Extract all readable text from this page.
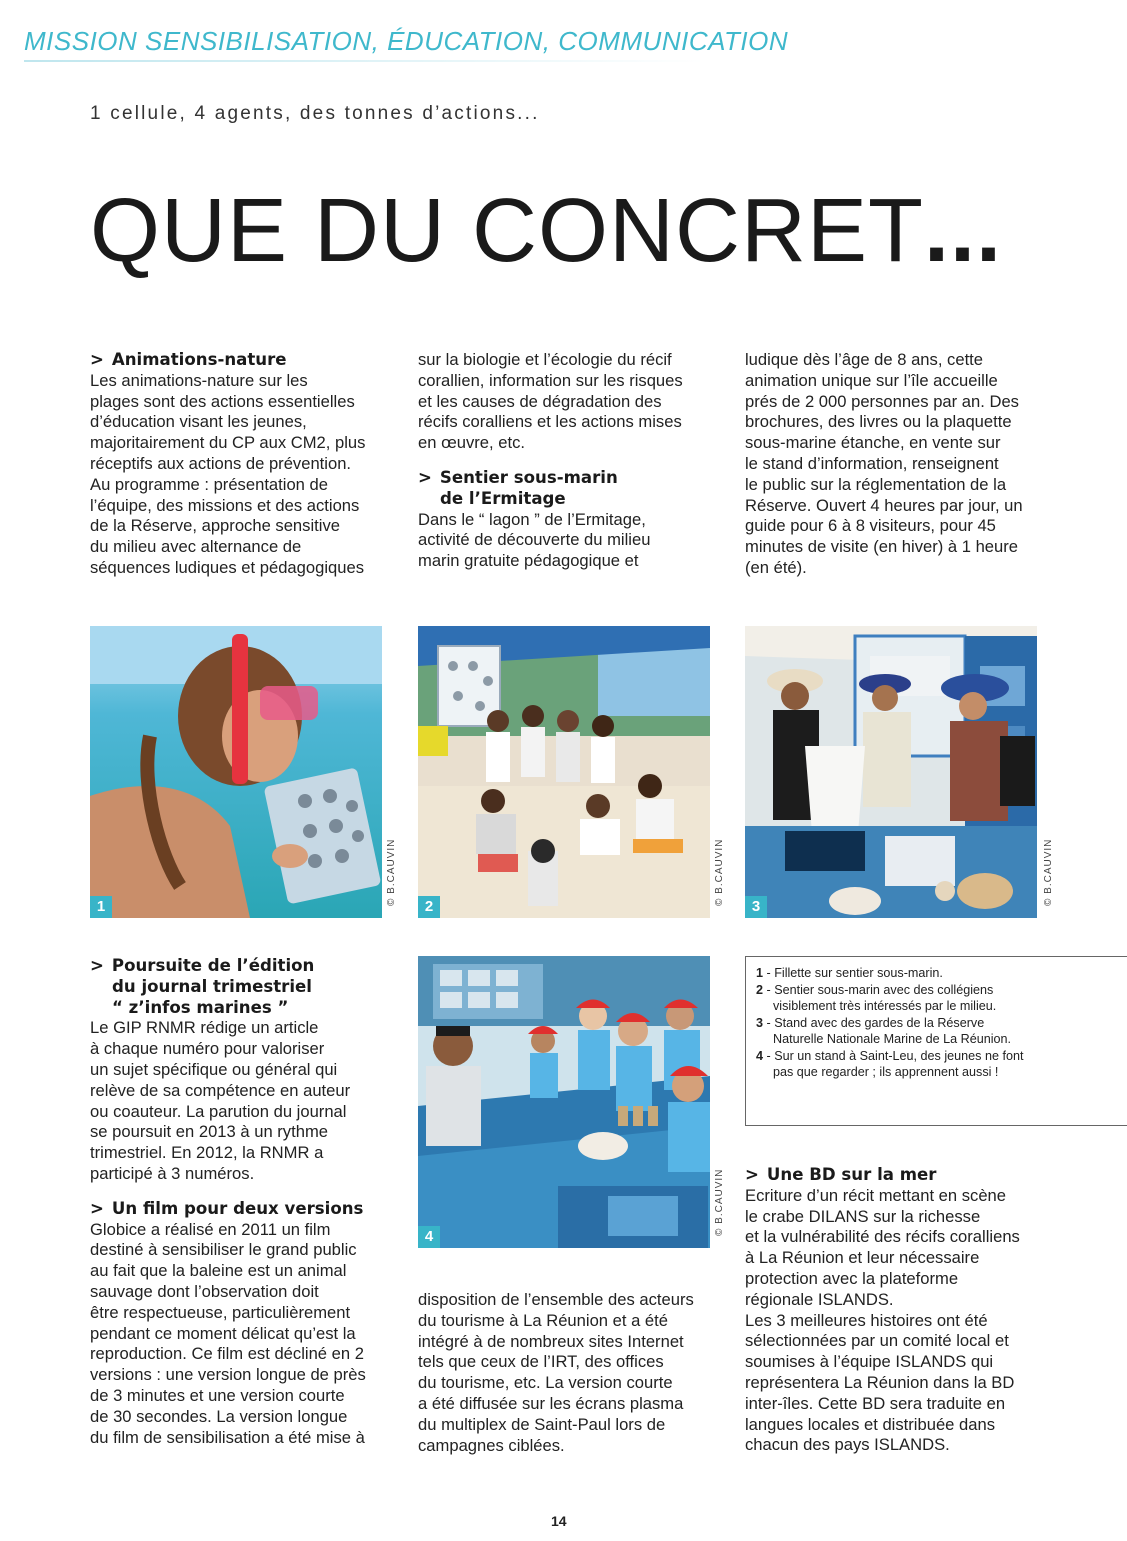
MISSION SENSIBILISATION, ÉDUCATION, COMMUNICATION
1 cellule, 4 agents, des tonnes d’actions...
QUE DU CONCRET...
> Animations-nature
Les animations-nature sur les
plages sont des actions essentielles
d’éducation visant les jeunes,
majoritairement du CP aux CM2, plus
réceptifs aux actions de prévention.
Au programme : présentation de
l’équipe, des missions et des actions
de la Réserve, approche sensitive
du milieu avec alternance de
séquences ludiques et pédagogiques
sur la biologie et l’écologie du récif
corallien, information sur les risques
et les causes de dégradation des
récifs coralliens et les actions mises
en œuvre, etc.
> Sentier sous-marin
de l’Ermitage
Dans le “ lagon ” de l’Ermitage,
activité de découverte du milieu
marin gratuite pédagogique et
ludique dès l’âge de 8 ans, cette
animation unique sur l’île accueille
prés de 2 000 personnes par an. Des
brochures, des livres ou la plaquette
sous-marine étanche, en vente sur
le stand d’information, renseignent
le public sur la réglementation de la
Réserve. Ouvert 4 heures par jour, un
guide pour 6 à 8 visiteurs, pour 45
minutes de visite (en hiver) à 1 heure
(en été).
1
© B.CAUVIN
2
© B.CAUVIN
3
© B.CAUVIN
> Poursuite de l’édition
du journal trimestriel
“ z’infos marines ”
Le GIP RNMR rédige un article
à chaque numéro pour valoriser
un sujet spécifique ou général qui
relève de sa compétence en auteur
ou coauteur. La parution du journal
se poursuit en 2013 à un rythme
trimestriel. En 2012, la RNMR a
participé à 3 numéros.
> Un film pour deux versions
Globice a réalisé en 2011 un film
destiné à sensibiliser le grand public
au fait que la baleine est un animal
sauvage dont l’observation doit
être respectueuse, particulièrement
pendant ce moment délicat qu’est la
reproduction. Ce film est décliné en 2
versions : une version longue de près
de 3 minutes et une version courte
de 30 secondes. La version longue
du film de sensibilisation a été mise à
4
© B.CAUVIN
disposition de l’ensemble des acteurs
du tourisme à La Réunion et a été
intégré à de nombreux sites Internet
tels que ceux de l’IRT, des offices
du tourisme, etc. La version courte
a été diffusée sur les écrans plasma
du multiplex de Saint-Paul lors de
campagnes ciblées.
1 - Fillette sur sentier sous-marin.
2 - Sentier sous-marin avec des collégiens
visiblement très intéressés par le milieu.
3 - Stand avec des gardes de la Réserve
Naturelle Nationale Marine de La Réunion.
4 - Sur un stand à Saint-Leu, des jeunes ne font
pas que regarder ; ils apprennent aussi !
> Une BD sur la mer
Ecriture d’un récit mettant en scène
le crabe DILANS sur la richesse
et la vulnérabilité des récifs coralliens
à La Réunion et leur nécessaire
protection avec la plateforme
régionale ISLANDS.
Les 3 meilleures histoires ont été
sélectionnées par un comité local et
soumises à l’équipe ISLANDS qui
représentera La Réunion dans la BD
inter-îles. Cette BD sera traduite en
langues locales et distribuée dans
chacun des pays ISLANDS.
14
